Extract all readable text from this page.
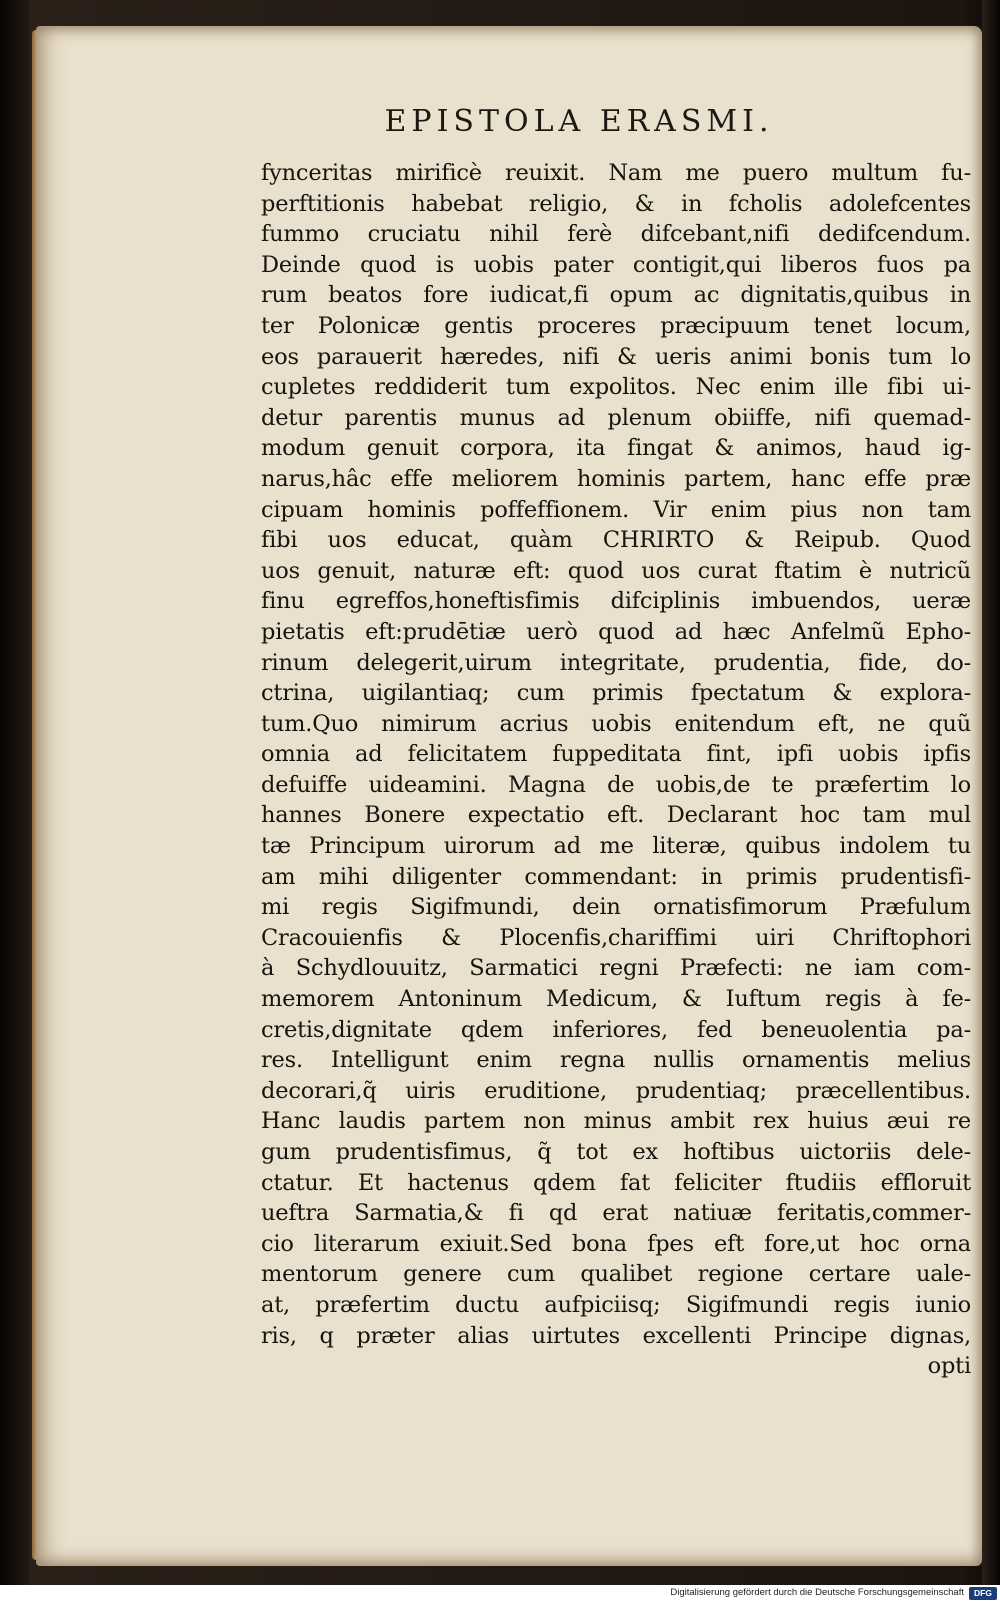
EPISTOLA ERASMI.
fynceritas mirificè reuixit. Nam me puero multum fu-
perftitionis habebat religio, & in fcholis adolefcentes
fummo cruciatu nihil ferè difcebant,nifi dedifcendum.
Deinde quod is uobis pater contigit,qui liberos fuos pa
rum beatos fore iudicat,fi opum ac dignitatis,quibus in
ter Polonicæ gentis proceres præcipuum tenet locum,
eos parauerit hæredes, nifi & ueris animi bonis tum lo
cupletes reddiderit tum expolitos. Nec enim ille fibi ui-
detur parentis munus ad plenum obiiffe, nifi quemad-
modum genuit corpora, ita fingat & animos, haud ig-
narus,hâc effe meliorem hominis partem, hanc effe præ
cipuam hominis poffeffionem. Vir enim pius non tam
fibi uos educat, quàm CHRIRTO & Reipub. Quod
uos genuit, naturæ eft: quod uos curat ftatim è nutricũ
finu egreffos,honeftisfimis difciplinis imbuendos, ueræ
pietatis eft:prudētiæ uerò quod ad hæc Anfelmũ Epho-
rinum delegerit,uirum integritate, prudentia, fide, do-
ctrina, uigilantiaq; cum primis fpectatum & explora-
tum.Quo nimirum acrius uobis enitendum eft, ne quũ
omnia ad felicitatem fuppeditata fint, ipfi uobis ipfis
defuiffe uideamini. Magna de uobis,de te præfertim lo
hannes Bonere expectatio eft. Declarant hoc tam mul
tæ Principum uirorum ad me literæ, quibus indolem tu
am mihi diligenter commendant: in primis prudentisfi-
mi regis Sigifmundi, dein ornatisfimorum Præfulum
Cracouienfis & Plocenfis,chariffimi uiri Chriftophori
à Schydlouuitz, Sarmatici regni Præfecti: ne iam com-
memorem Antoninum Medicum, & Iuftum regis à fe-
cretis,dignitate qdem inferiores, fed beneuolentia pa-
res. Intelligunt enim regna nullis ornamentis melius
decorari,q̃ uiris eruditione, prudentiaq; præcellentibus.
Hanc laudis partem non minus ambit rex huius æui re
gum prudentisfimus, q̃ tot ex hoftibus uictoriis dele-
ctatur. Et hactenus qdem fat feliciter ftudiis effloruit
ueftra Sarmatia,& fi qd erat natiuæ feritatis,commer-
cio literarum exiuit.Sed bona fpes eft fore,ut hoc orna
mentorum genere cum qualibet regione certare uale-
at, præfertim ductu aufpiciisq; Sigifmundi regis iunio
ris, q præter alias uirtutes excellenti Principe dignas,
opti
Digitalisierung gefördert durch die Deutsche Forschungsgemeinschaft	DFG
